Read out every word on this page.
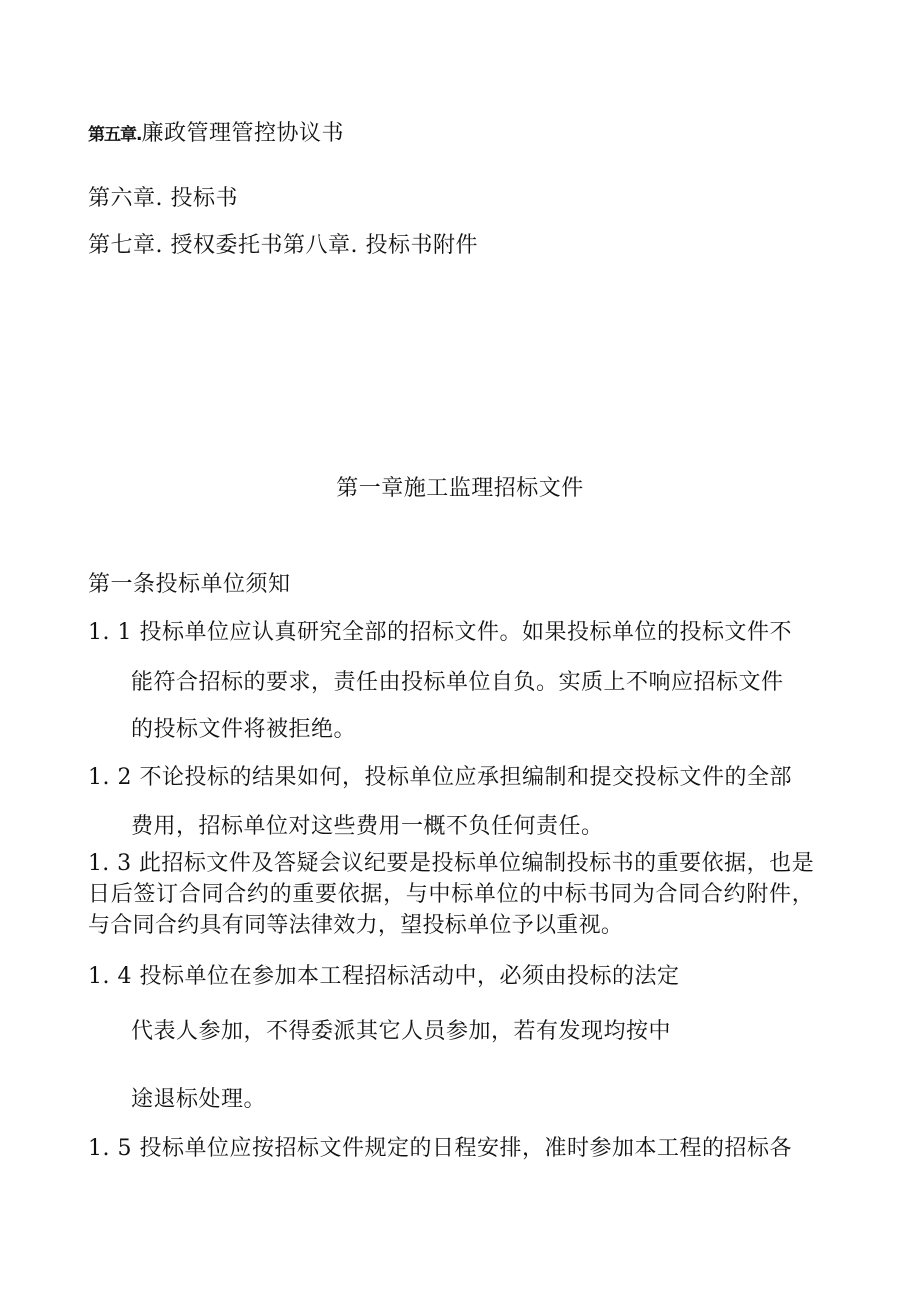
第五章.廉政管理管控协议书
第六章. 投标书
第七章. 授权委托书第八章. 投标书附件
第一章施工监理招标文件
第一条投标单位须知
1. 1 投标单位应认真研究全部的招标文件。如果投标单位的投标文件不
能符合招标的要求，责任由投标单位自负。实质上不响应招标文件
的投标文件将被拒绝。
1. 2 不论投标的结果如何，投标单位应承担编制和提交投标文件的全部
费用，招标单位对这些费用一概不负任何责任。
1. 3 此招标文件及答疑会议纪要是投标单位编制投标书的重要依据，也是日后签订合同合约的重要依据，与中标单位的中标书同为合同合约附件，与合同合约具有同等法律效力，望投标单位予以重视。
1. 4 投标单位在参加本工程招标活动中，必须由投标的法定
代表人参加，不得委派其它人员参加，若有发现均按中
途退标处理。
1. 5 投标单位应按招标文件规定的日程安排，准时参加本工程的招标各
